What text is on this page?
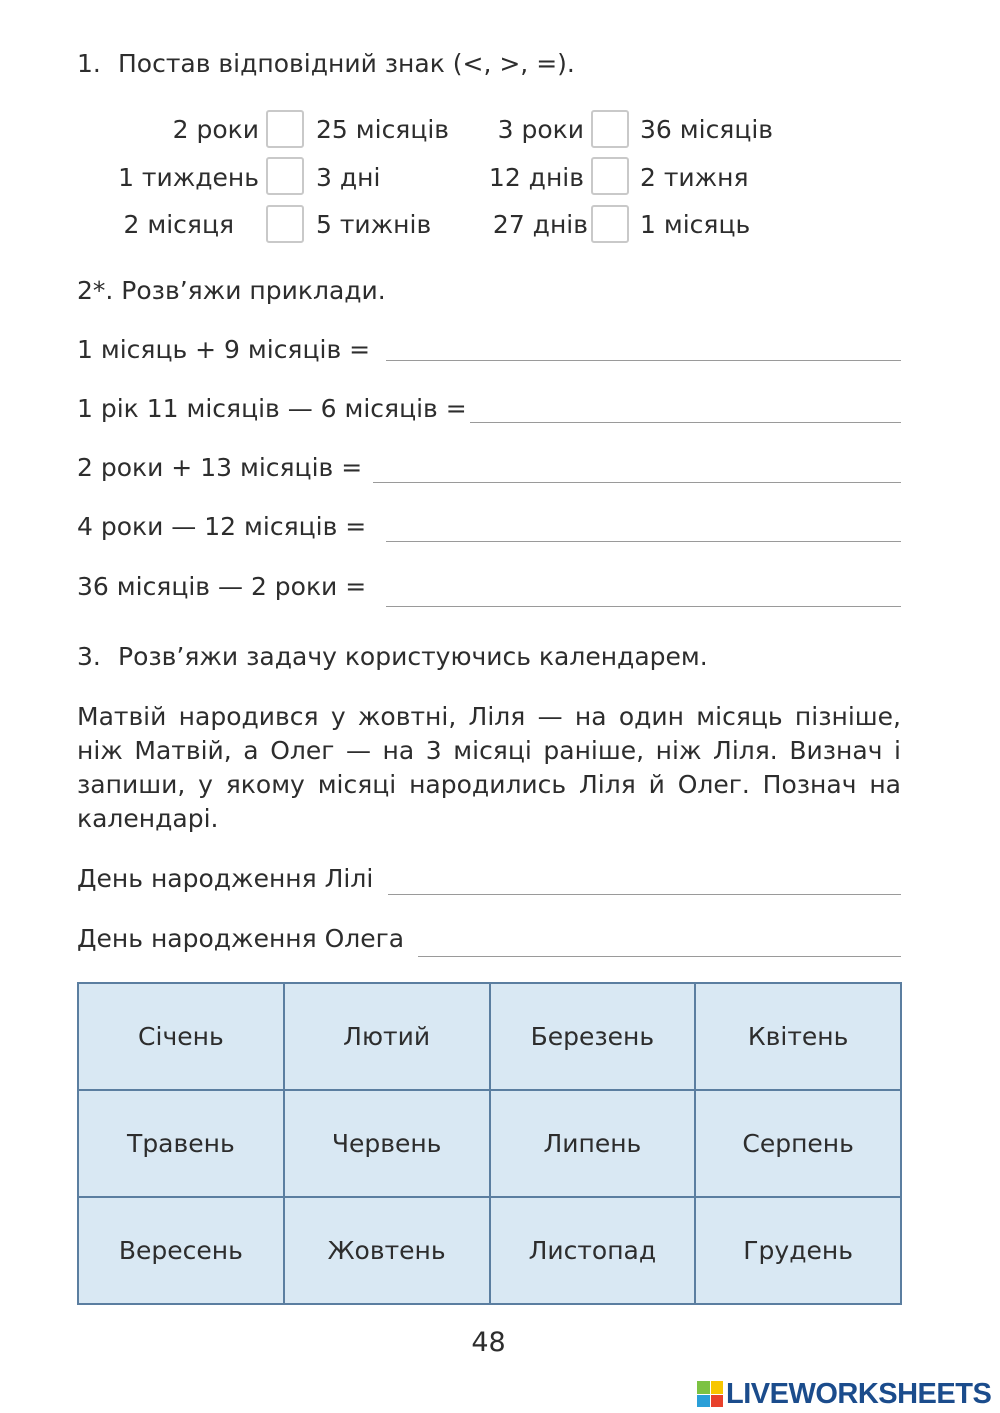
1. Постав відповідний знак (<, >, =).
2 роки 25 місяців 3 роки 36 місяців
1 тиждень 3 дні	12 днів 2 тижня
2 місяця	5 тижнів 27 днів 1 місяць
2*. Розв’яжи приклади.
1 місяць + 9 місяців =
1 рік 11 місяців — 6 місяців =
2 роки + 13 місяців =
4 роки — 12 місяців =
36 місяців — 2 роки =
3. Розв’яжи задачу користуючись календарем.
Матвій народився у жовтні, Ліля — на один місяць пізніше, ніж Матвій, а Олег — на 3 місяці раніше, ніж Ліля. Визнач і запиши, у якому місяці народились Ліля й Олег. Познач на календарі.
День народження Лілі
День народження Олега
Січень	Лютий	Березень	Квітень
Травень	Червень	Липень	Серпень
Вересень	Жовтень	Листопад	Грудень
48
LIVEWORKSHEETS
